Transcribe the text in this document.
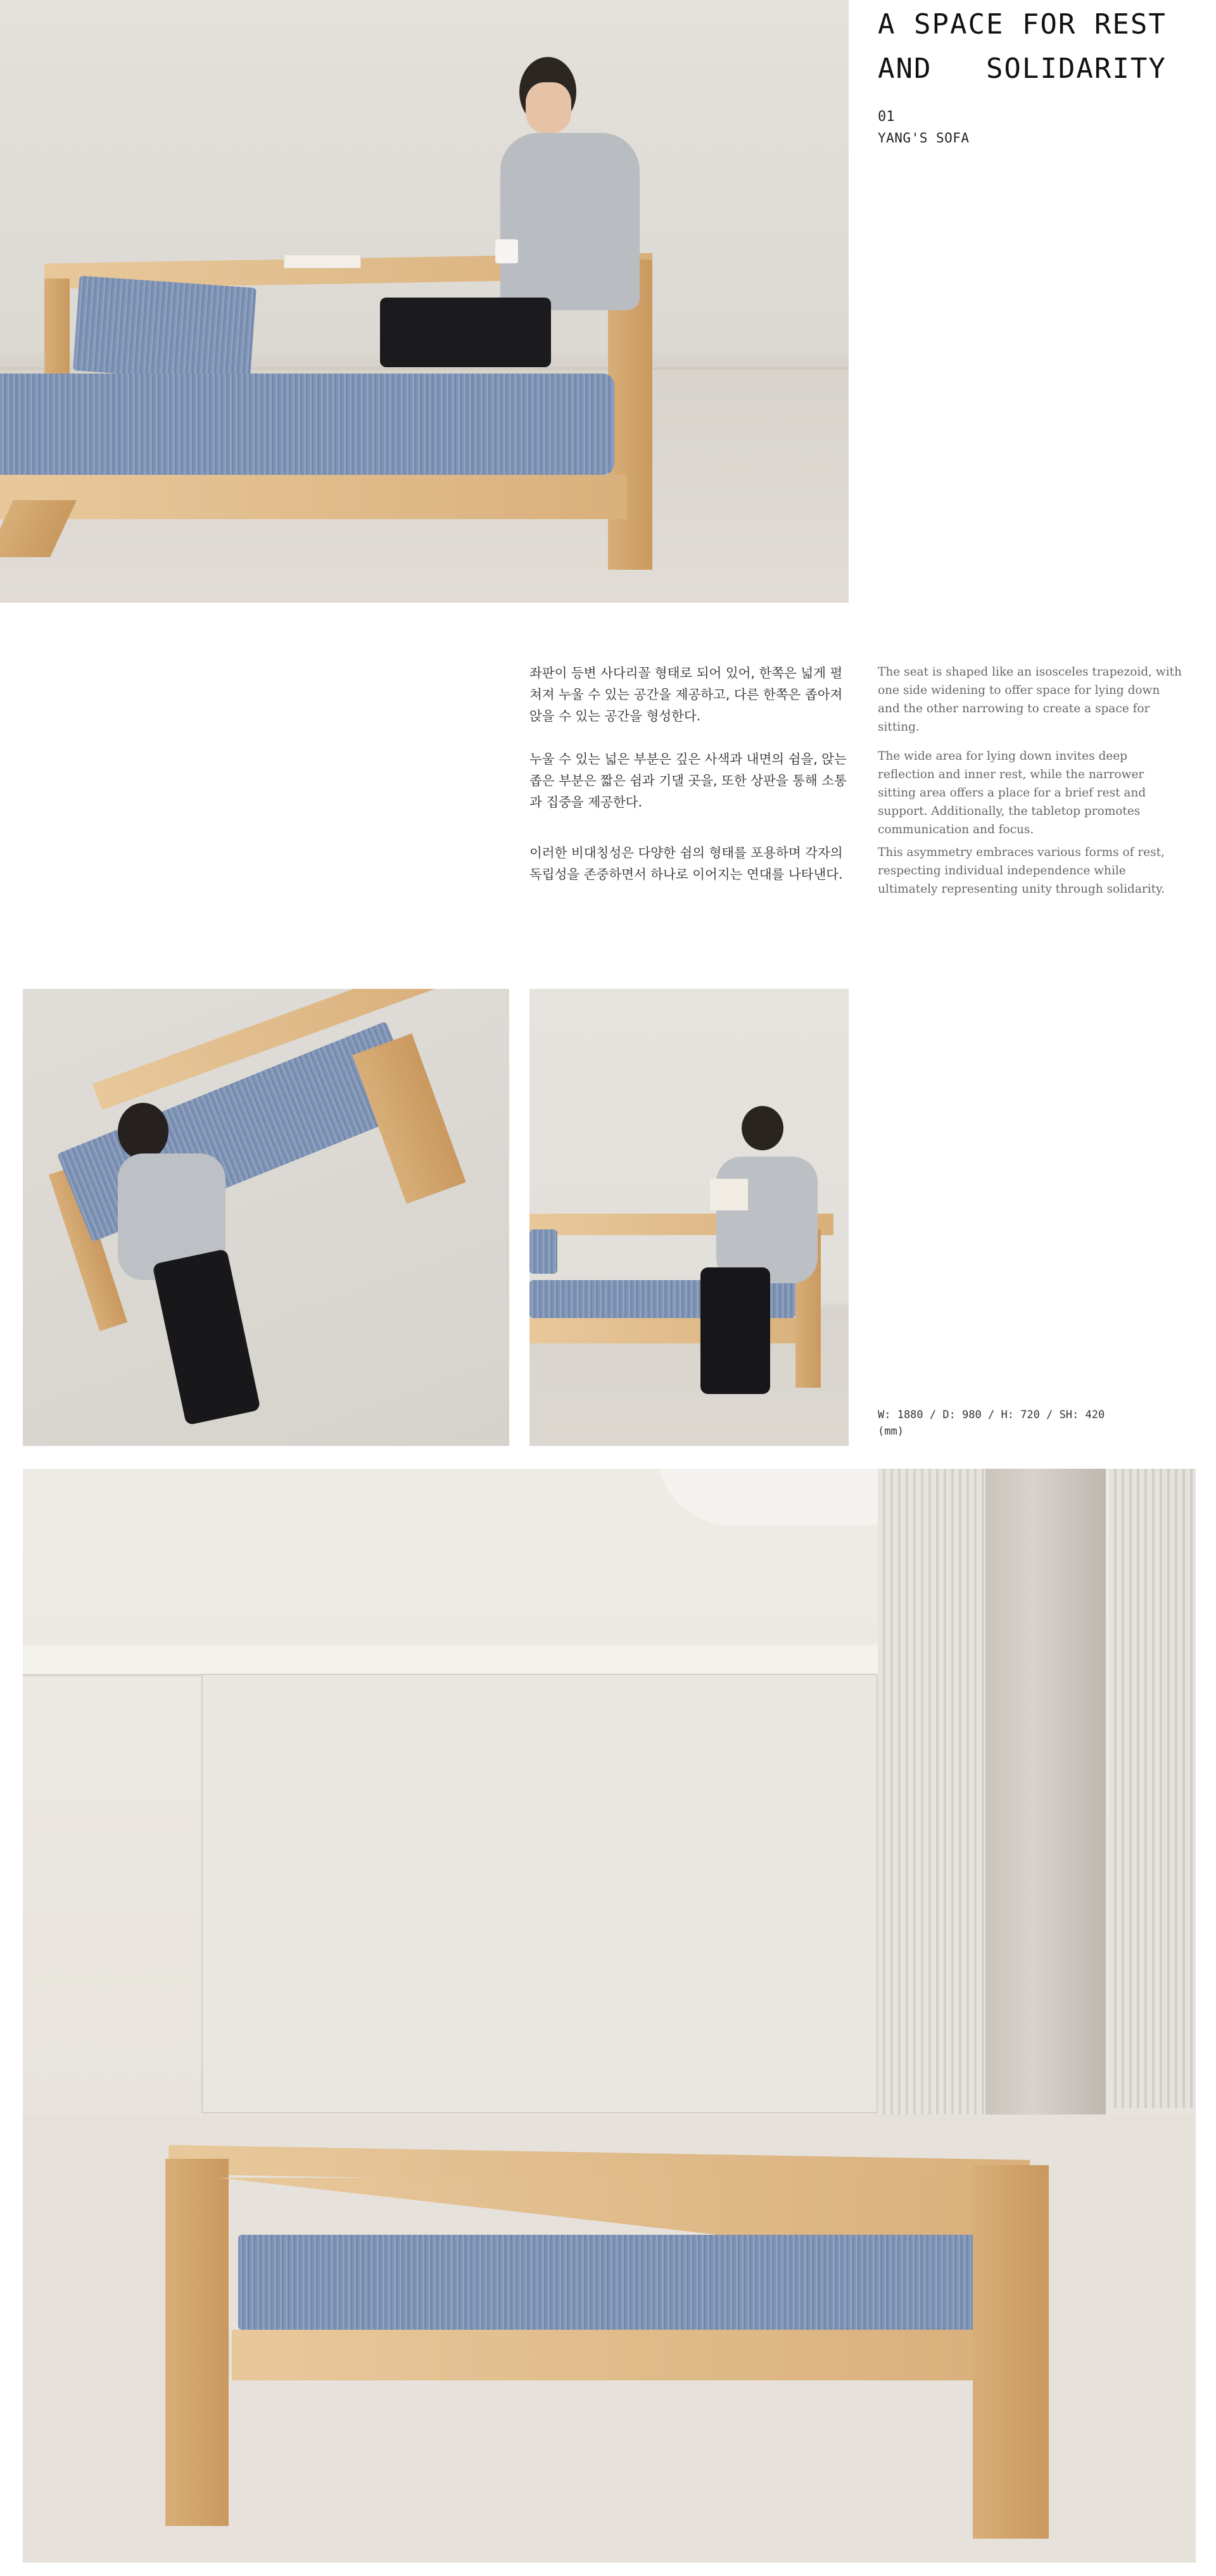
A SPACE FOR REST
AND   SOLIDARITY
01
YANG'S SOFA

좌판이 등변 사다리꼴 형태로 되어 있어, 한쪽은 넓게 펼쳐져 누울 수 있는 공간을 제공하고, 다른 한쪽은 좁아져 앉을 수 있는 공간을 형성한다.

누울 수 있는 넓은 부분은 깊은 사색과 내면의 쉼을, 앉는 좁은 부분은 짧은 쉼과 기댈 곳을, 또한 상판을 통해 소통과 집중을 제공한다.

이러한 비대칭성은 다양한 쉼의 형태를 포용하며 각자의 독립성을 존중하면서 하나로 이어지는 연대를 나타낸다.

The seat is shaped like an isosceles trapezoid, with one side widening to offer space for lying down and the other narrowing to create a space for sitting.

The wide area for lying down invites deep reflection and inner rest, while the narrower sitting area offers a place for a brief rest and support. Additionally, the tabletop promotes communication and focus.

This asymmetry embraces various forms of rest, respecting individual independence while ultimately representing unity through solidarity.

W: 1880 / D: 980 / H: 720 / SH: 420
(mm)
